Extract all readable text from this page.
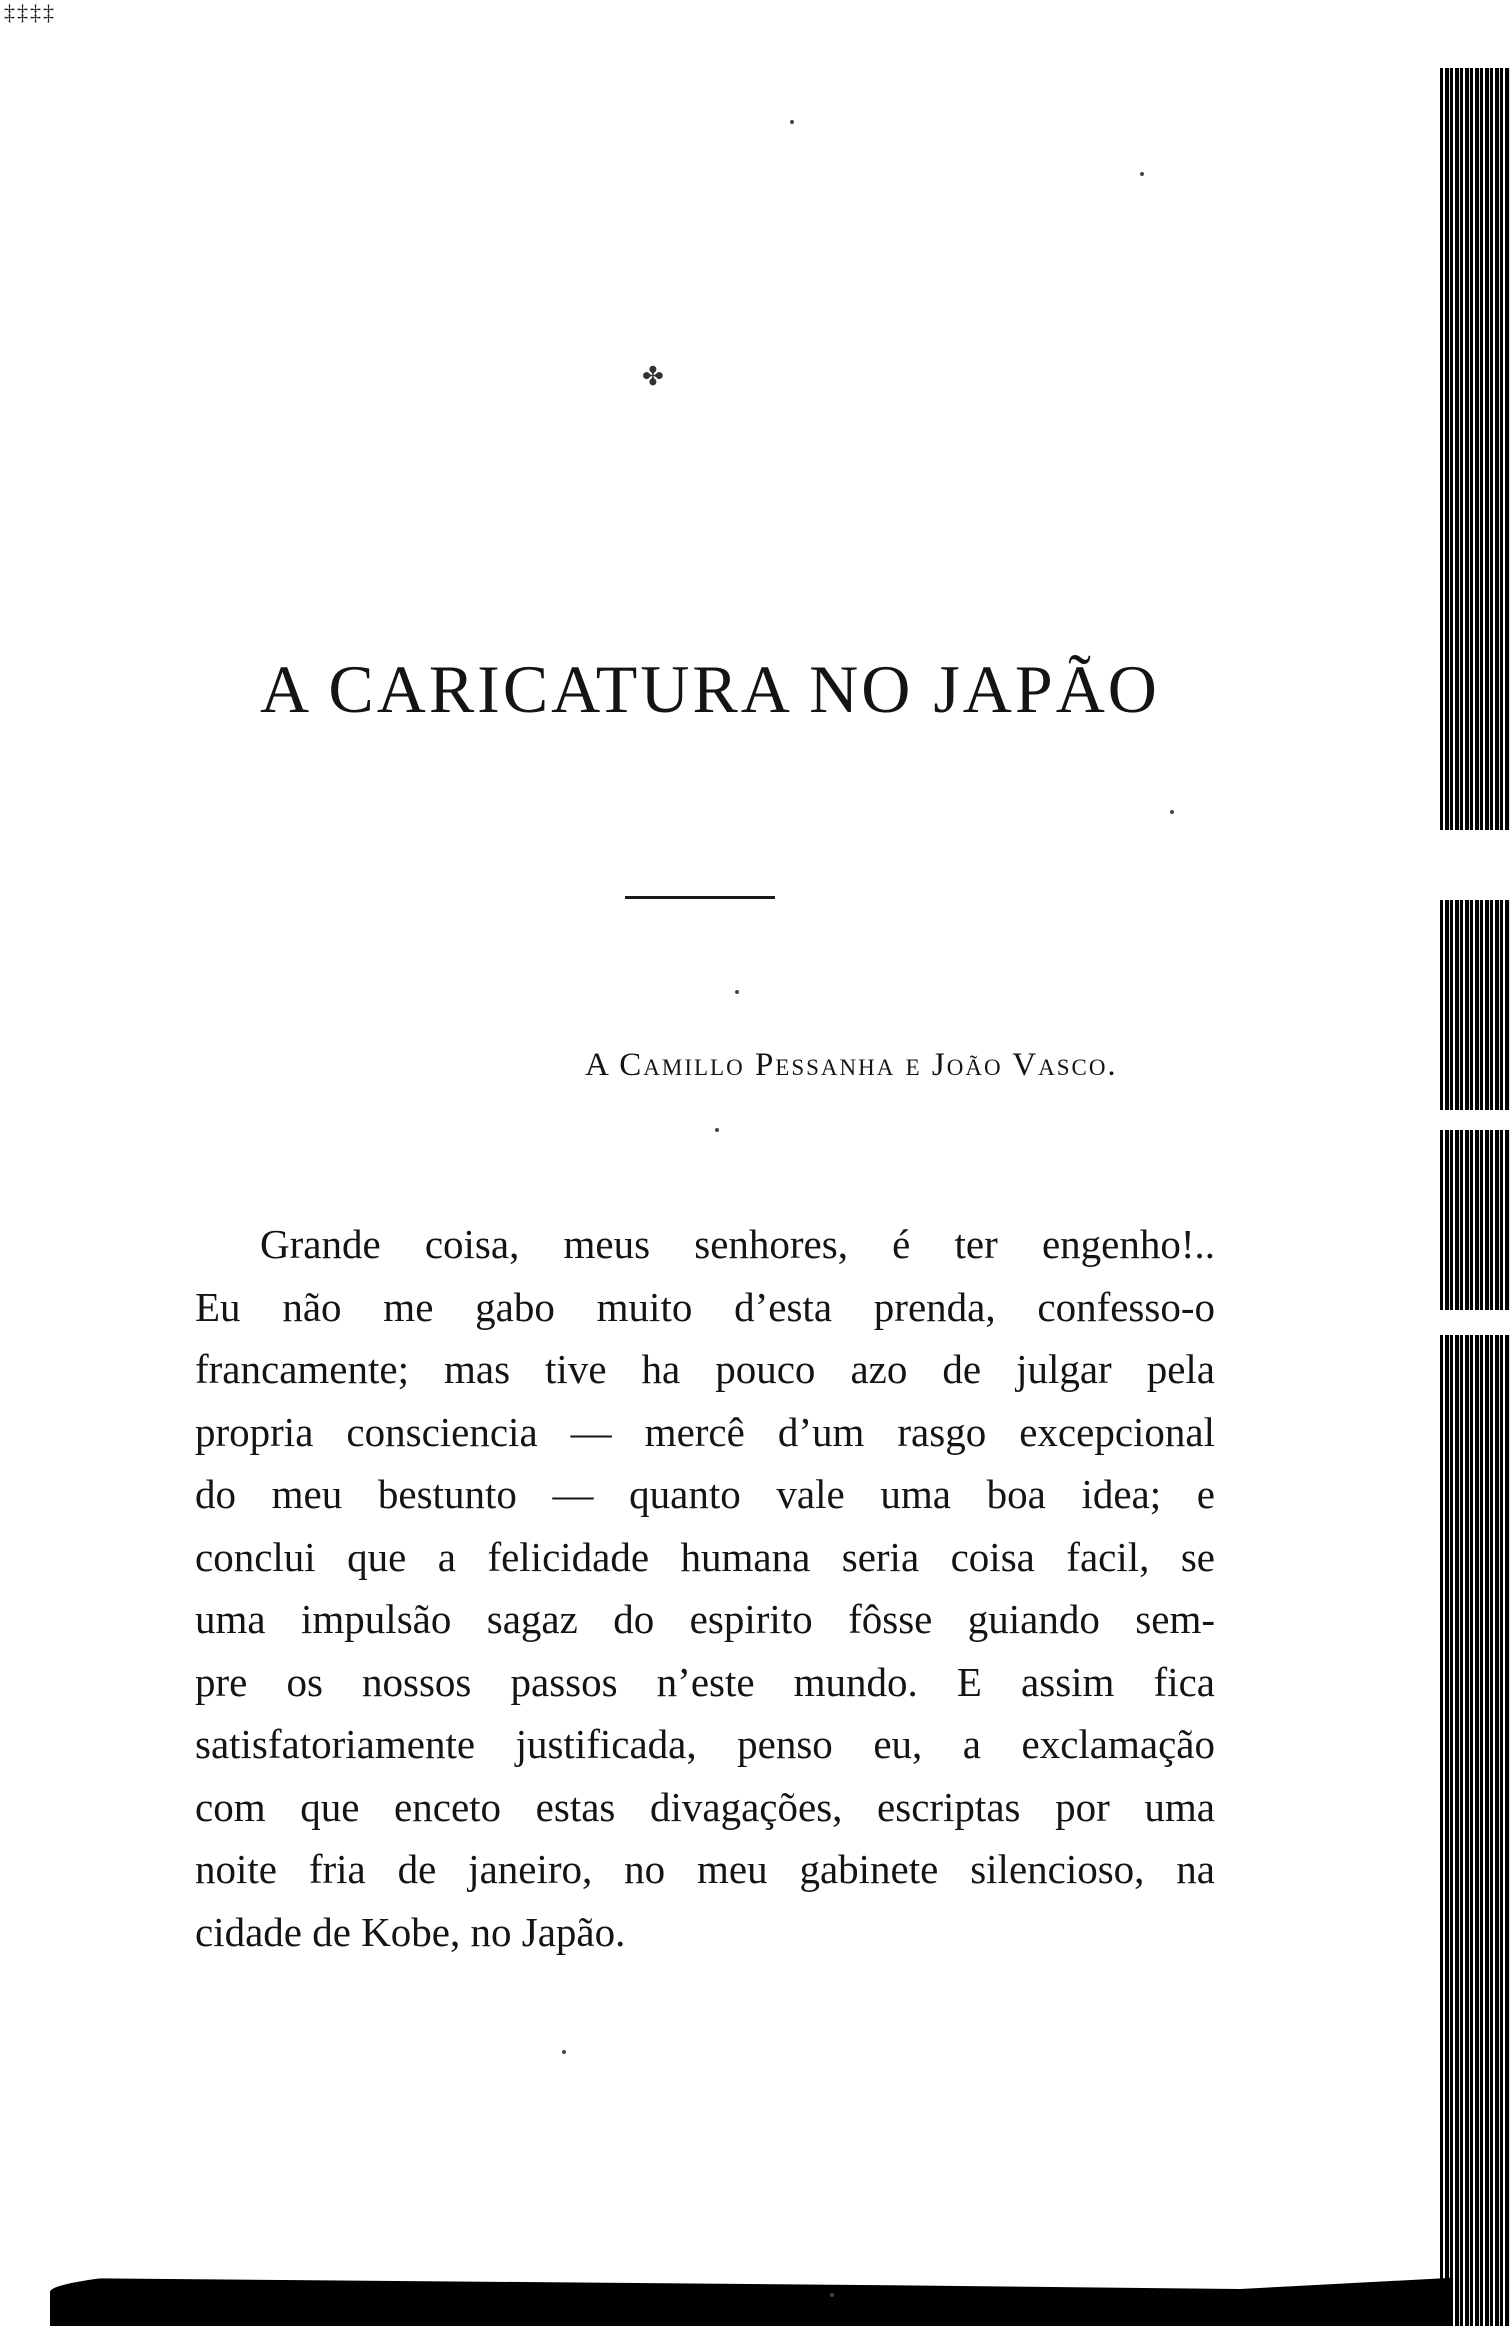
‡‡‡‡
✤
A CARICATURA NO JAPÃO
A Camillo Pessanha e João Vasco.
Grande coisa, meus senhores, é ter engenho!..
Eu não me gabo muito d’esta prenda, confesso-o
francamente; mas tive ha pouco azo de julgar pela
propria consciencia — mercê d’um rasgo excepcional
do meu bestunto — quanto vale uma boa idea; e
conclui que a felicidade humana seria coisa facil, se
uma impulsão sagaz do espirito fôsse guiando sem-
pre os nossos passos n’este mundo. E assim fica
satisfatoriamente justificada, penso eu, a exclamação
com que enceto estas divagações, escriptas por uma
noite fria de janeiro, no meu gabinete silencioso, na
cidade de Kobe, no Japão.
